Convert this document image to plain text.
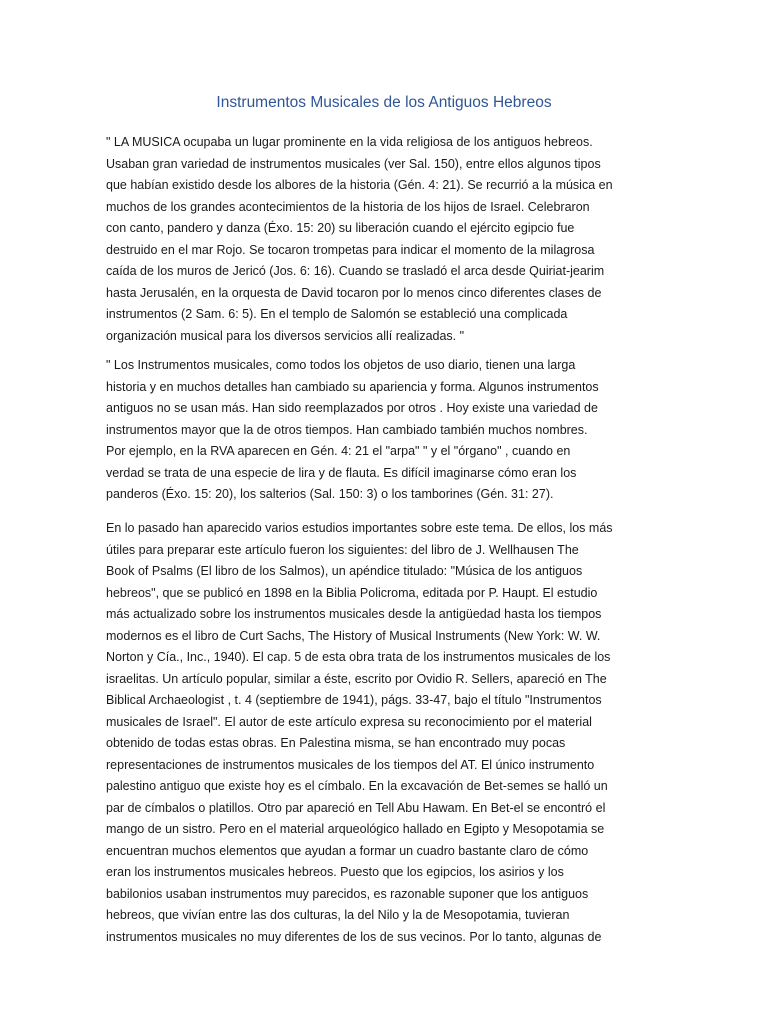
Instrumentos Musicales de los Antiguos Hebreos
" LA MUSICA ocupaba un lugar prominente en la vida religiosa de los antiguos hebreos.
Usaban gran variedad de instrumentos musicales (ver Sal. 150), entre ellos algunos tipos
que habían existido desde los albores de la historia (Gén. 4: 21). Se recurrió a la música en
muchos de los grandes acontecimientos de la historia de los hijos de Israel. Celebraron
con canto, pandero y danza (Éxo. 15: 20) su liberación cuando el ejército egipcio fue
destruido en el mar Rojo. Se tocaron trompetas para indicar el momento de la milagrosa
caída de los muros de Jericó (Jos. 6: 16). Cuando se trasladó el arca desde Quiriat-jearim
hasta Jerusalén, en la orquesta de David tocaron por lo menos cinco diferentes clases de
instrumentos (2 Sam. 6: 5). En el templo de Salomón se estableció una complicada
organización musical para los diversos servicios allí realizadas. "
" Los Instrumentos musicales, como todos los objetos de uso diario, tienen una larga
historia y en muchos detalles han cambiado su apariencia y forma. Algunos instrumentos
antiguos no se usan más. Han sido reemplazados por otros . Hoy existe una variedad de
instrumentos mayor que la de otros tiempos. Han cambiado también muchos nombres.
Por ejemplo, en la RVA aparecen en Gén. 4: 21 el "arpa" " y el "órgano" , cuando en
verdad se trata de una especie de lira y de flauta. Es difícil imaginarse cómo eran los
panderos (Éxo. 15: 20), los salterios (Sal. 150: 3) o los tamborines (Gén. 31: 27).
En lo pasado han aparecido varios estudios importantes sobre este tema. De ellos, los más
útiles para preparar este artículo fueron los siguientes: del libro de J. Wellhausen The
Book of Psalms (El libro de los Salmos), un apéndice titulado: "Música de los antiguos
hebreos", que se publicó en 1898 en la Biblia Policroma, editada por P. Haupt. El estudio
más actualizado sobre los instrumentos musicales desde la antigüedad hasta los tiempos
modernos es el libro de Curt Sachs, The History of Musical Instruments (New York: W. W.
Norton y Cía., Inc., 1940). El cap. 5 de esta obra trata de los instrumentos musicales de los
israelitas. Un artículo popular, similar a éste, escrito por Ovidio R. Sellers, apareció en The
Biblical Archaeologist , t. 4 (septiembre de 1941), págs. 33-47, bajo el título "Instrumentos
musicales de Israel". El autor de este artículo expresa su reconocimiento por el material
obtenido de todas estas obras. En Palestina misma, se han encontrado muy pocas
representaciones de instrumentos musicales de los tiempos del AT. El único instrumento
palestino antiguo que existe hoy es el címbalo. En la excavación de Bet-semes se halló un
par de címbalos o platillos. Otro par apareció en Tell Abu Hawam. En Bet-el se encontró el
mango de un sistro. Pero en el material arqueológico hallado en Egipto y Mesopotamia se
encuentran muchos elementos que ayudan a formar un cuadro bastante claro de cómo
eran los instrumentos musicales hebreos. Puesto que los egipcios, los asirios y los
babilonios usaban instrumentos muy parecidos, es razonable suponer que los antiguos
hebreos, que vivían entre las dos culturas, la del Nilo y la de Mesopotamia, tuvieran
instrumentos musicales no muy diferentes de los de sus vecinos. Por lo tanto, algunas de
